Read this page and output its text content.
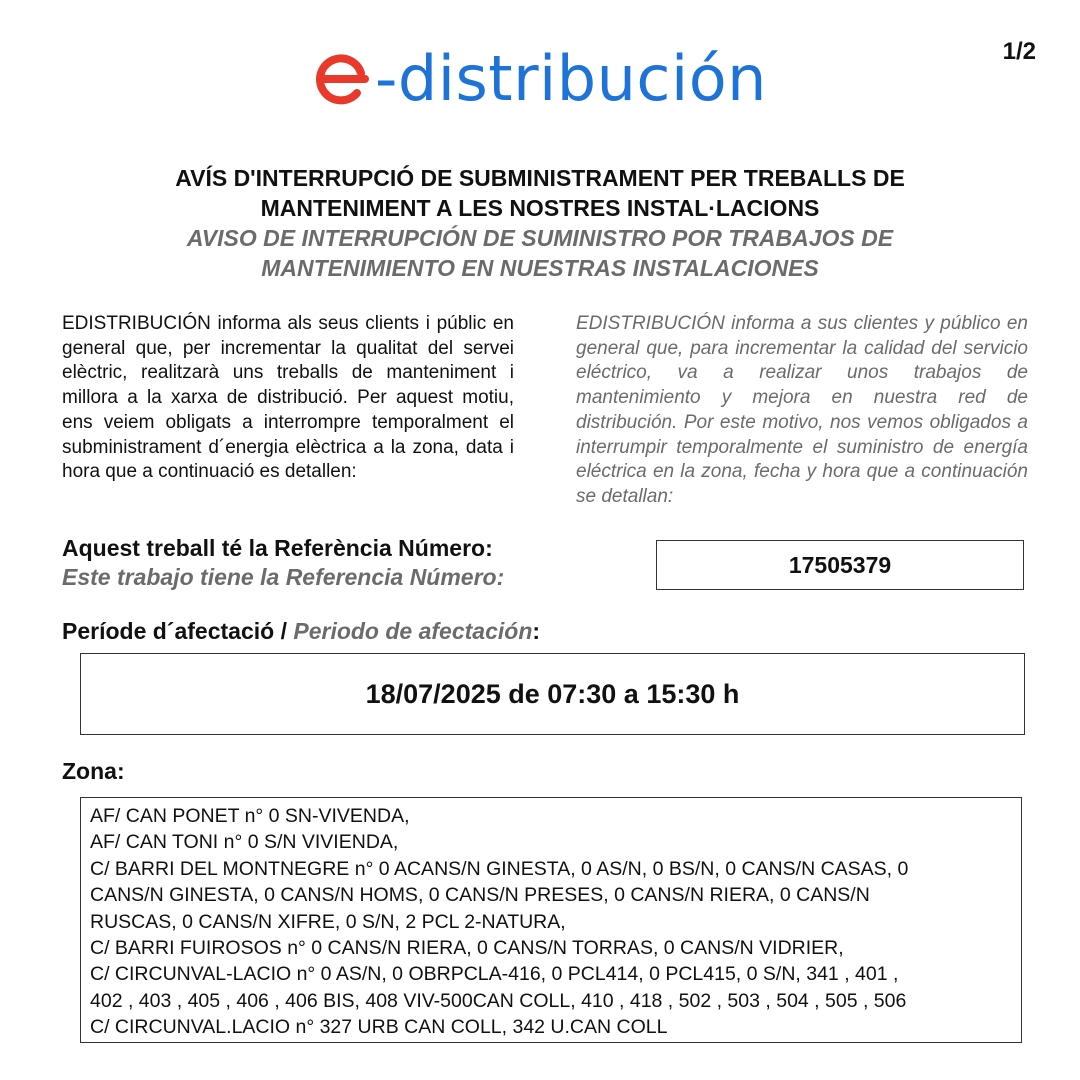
1/2
-distribución
AVÍS D'INTERRUPCIÓ DE SUBMINISTRAMENT PER TREBALLS DE
MANTENIMENT A LES NOSTRES INSTAL·LACIONS
AVISO DE INTERRUPCIÓN DE SUMINISTRO POR TRABAJOS DE
MANTENIMIENTO EN NUESTRAS INSTALACIONES
EDISTRIBUCIÓN informa als seus clients i públic en general que, per incrementar la qualitat del servei elèctric, realitzarà uns treballs de manteniment i millora a la xarxa de distribució. Per aquest motiu, ens veiem obligats a interrompre temporalment el subministrament d´energia elèctrica a la zona, data i hora que a continuació es detallen:
EDISTRIBUCIÓN informa a sus clientes y público en general que, para incrementar la calidad del servicio eléctrico, va a realizar unos trabajos de mantenimiento y mejora en nuestra red de distribución. Por este motivo, nos vemos obligados a interrumpir temporalmente el suministro de energía eléctrica en la zona, fecha y hora que a continuación se detallan:
Aquest treball té la Referència Número:
Este trabajo tiene la Referencia Número:	17505379
Període d´afectació / Periodo de afectación:
18/07/2025 de 07:30 a 15:30 h
Zona:
AF/ CAN PONET n° 0 SN-VIVENDA,
AF/ CAN TONI n° 0 S/N VIVIENDA,
C/ BARRI DEL MONTNEGRE n° 0 ACANS/N GINESTA, 0 AS/N, 0 BS/N, 0 CANS/N CASAS, 0
CANS/N GINESTA, 0 CANS/N HOMS, 0 CANS/N PRESES, 0 CANS/N RIERA, 0 CANS/N
RUSCAS, 0 CANS/N XIFRE, 0 S/N, 2 PCL 2-NATURA,
C/ BARRI FUIROSOS n° 0 CANS/N RIERA, 0 CANS/N TORRAS, 0 CANS/N VIDRIER,
C/ CIRCUNVAL-LACIO n° 0 AS/N, 0 OBRPCLA-416, 0 PCL414, 0 PCL415, 0 S/N, 341 , 401 ,
402 , 403 , 405 , 406 , 406 BIS, 408 VIV-500CAN COLL, 410 , 418 , 502 , 503 , 504 , 505 , 506
C/ CIRCUNVAL.LACIO n° 327 URB CAN COLL, 342 U.CAN COLL
